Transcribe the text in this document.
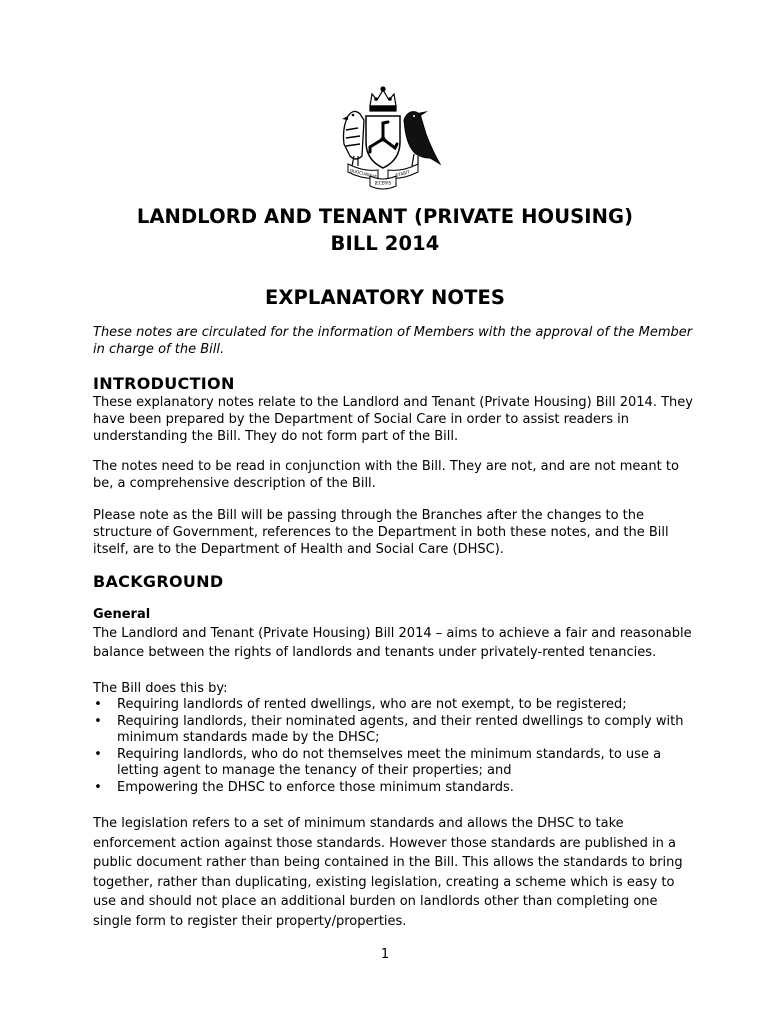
QUOCUNQUE	STABIT
JECERIS
LANDLORD AND TENANT (PRIVATE HOUSING)
BILL 2014
EXPLANATORY NOTES
These notes are circulated for the information of Members with the approval of the Member in charge of the Bill.
INTRODUCTION
These explanatory notes relate to the Landlord and Tenant (Private Housing) Bill 2014. They have been prepared by the Department of Social Care in order to assist readers in understanding the Bill. They do not form part of the Bill.
The notes need to be read in conjunction with the Bill. They are not, and are not meant to be, a comprehensive description of the Bill.
Please note as the Bill will be passing through the Branches after the changes to the structure of Government, references to the Department in both these notes, and the Bill itself, are to the Department of Health and Social Care (DHSC).
BACKGROUND
General
The Landlord and Tenant (Private Housing) Bill 2014 – aims to achieve a fair and reasonable balance between the rights of landlords and tenants under privately-rented tenancies.
The Bill does this by:
• Requiring landlords of rented dwellings, who are not exempt, to be registered;
• Requiring landlords, their nominated agents, and their rented dwellings to comply with minimum standards made by the DHSC;
• Requiring landlords, who do not themselves meet the minimum standards, to use a letting agent to manage the tenancy of their properties; and
• Empowering the DHSC to enforce those minimum standards.
The legislation refers to a set of minimum standards and allows the DHSC to take enforcement action against those standards. However those standards are published in a public document rather than being contained in the Bill. This allows the standards to bring together, rather than duplicating, existing legislation, creating a scheme which is easy to use and should not place an additional burden on landlords other than completing one single form to register their property/properties.
1
